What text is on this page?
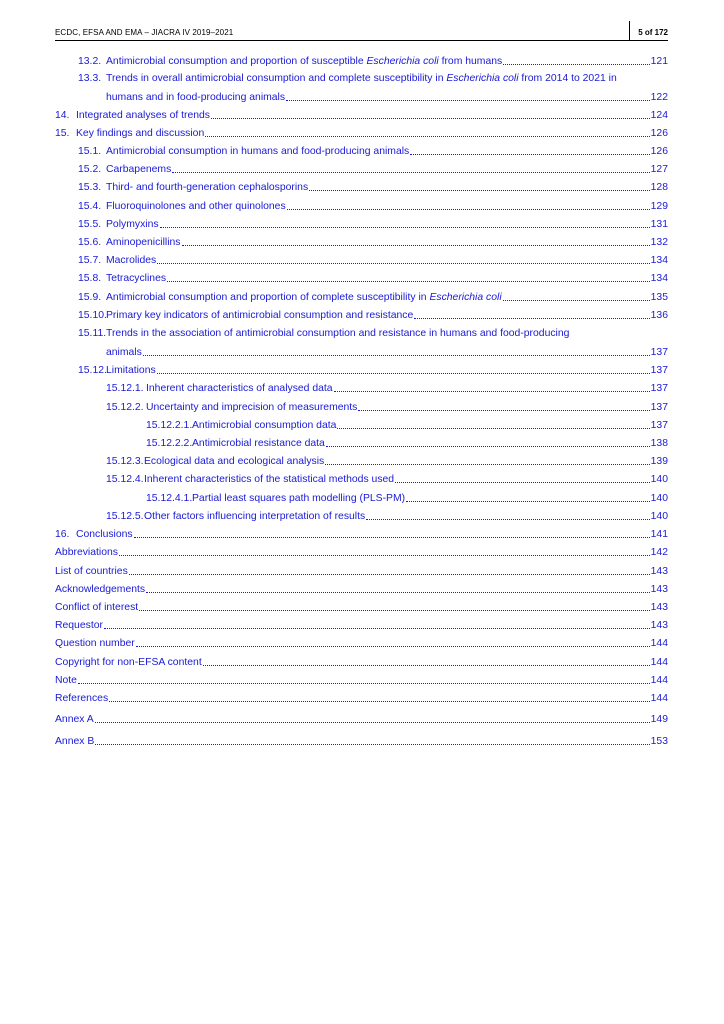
ECDC, EFSA AND EMA – JIACRA IV 2019–2021	5 of 172
13.2. Antimicrobial consumption and proportion of susceptible Escherichia coli from humans	121
13.3. Trends in overall antimicrobial consumption and complete susceptibility in Escherichia coli from 2014 to 2021 in
humans and in food-producing animals	122
14. Integrated analyses of trends	124
15. Key findings and discussion	126
15.1. Antimicrobial consumption in humans and food-producing animals	126
15.2. Carbapenems	127
15.3. Third- and fourth-generation cephalosporins	128
15.4. Fluoroquinolones and other quinolones	129
15.5. Polymyxins	131
15.6. Aminopenicillins	132
15.7. Macrolides	134
15.8. Tetracyclines	134
15.9. Antimicrobial consumption and proportion of complete susceptibility in Escherichia coli	135
15.10. Primary key indicators of antimicrobial consumption and resistance	136
15.11.Trends in the association of antimicrobial consumption and resistance in humans and food-producing
animals	137
15.12. Limitations	137
15.12.1. Inherent characteristics of analysed data	137
15.12.2. Uncertainty and imprecision of measurements	137
15.12.2.1. Antimicrobial consumption data	137
15.12.2.2. Antimicrobial resistance data	138
15.12.3. Ecological data and ecological analysis	139
15.12.4. Inherent characteristics of the statistical methods used	140
15.12.4.1. Partial least squares path modelling (PLS-PM)	140
15.12.5. Other factors influencing interpretation of results	140
16. Conclusions	141
Abbreviations	142
List of countries	143
Acknowledgements	143
Conflict of interest	143
Requestor	143
Question number	144
Copyright for non-EFSA content	144
Note	144
References	144
Annex A	149
Annex B	153
